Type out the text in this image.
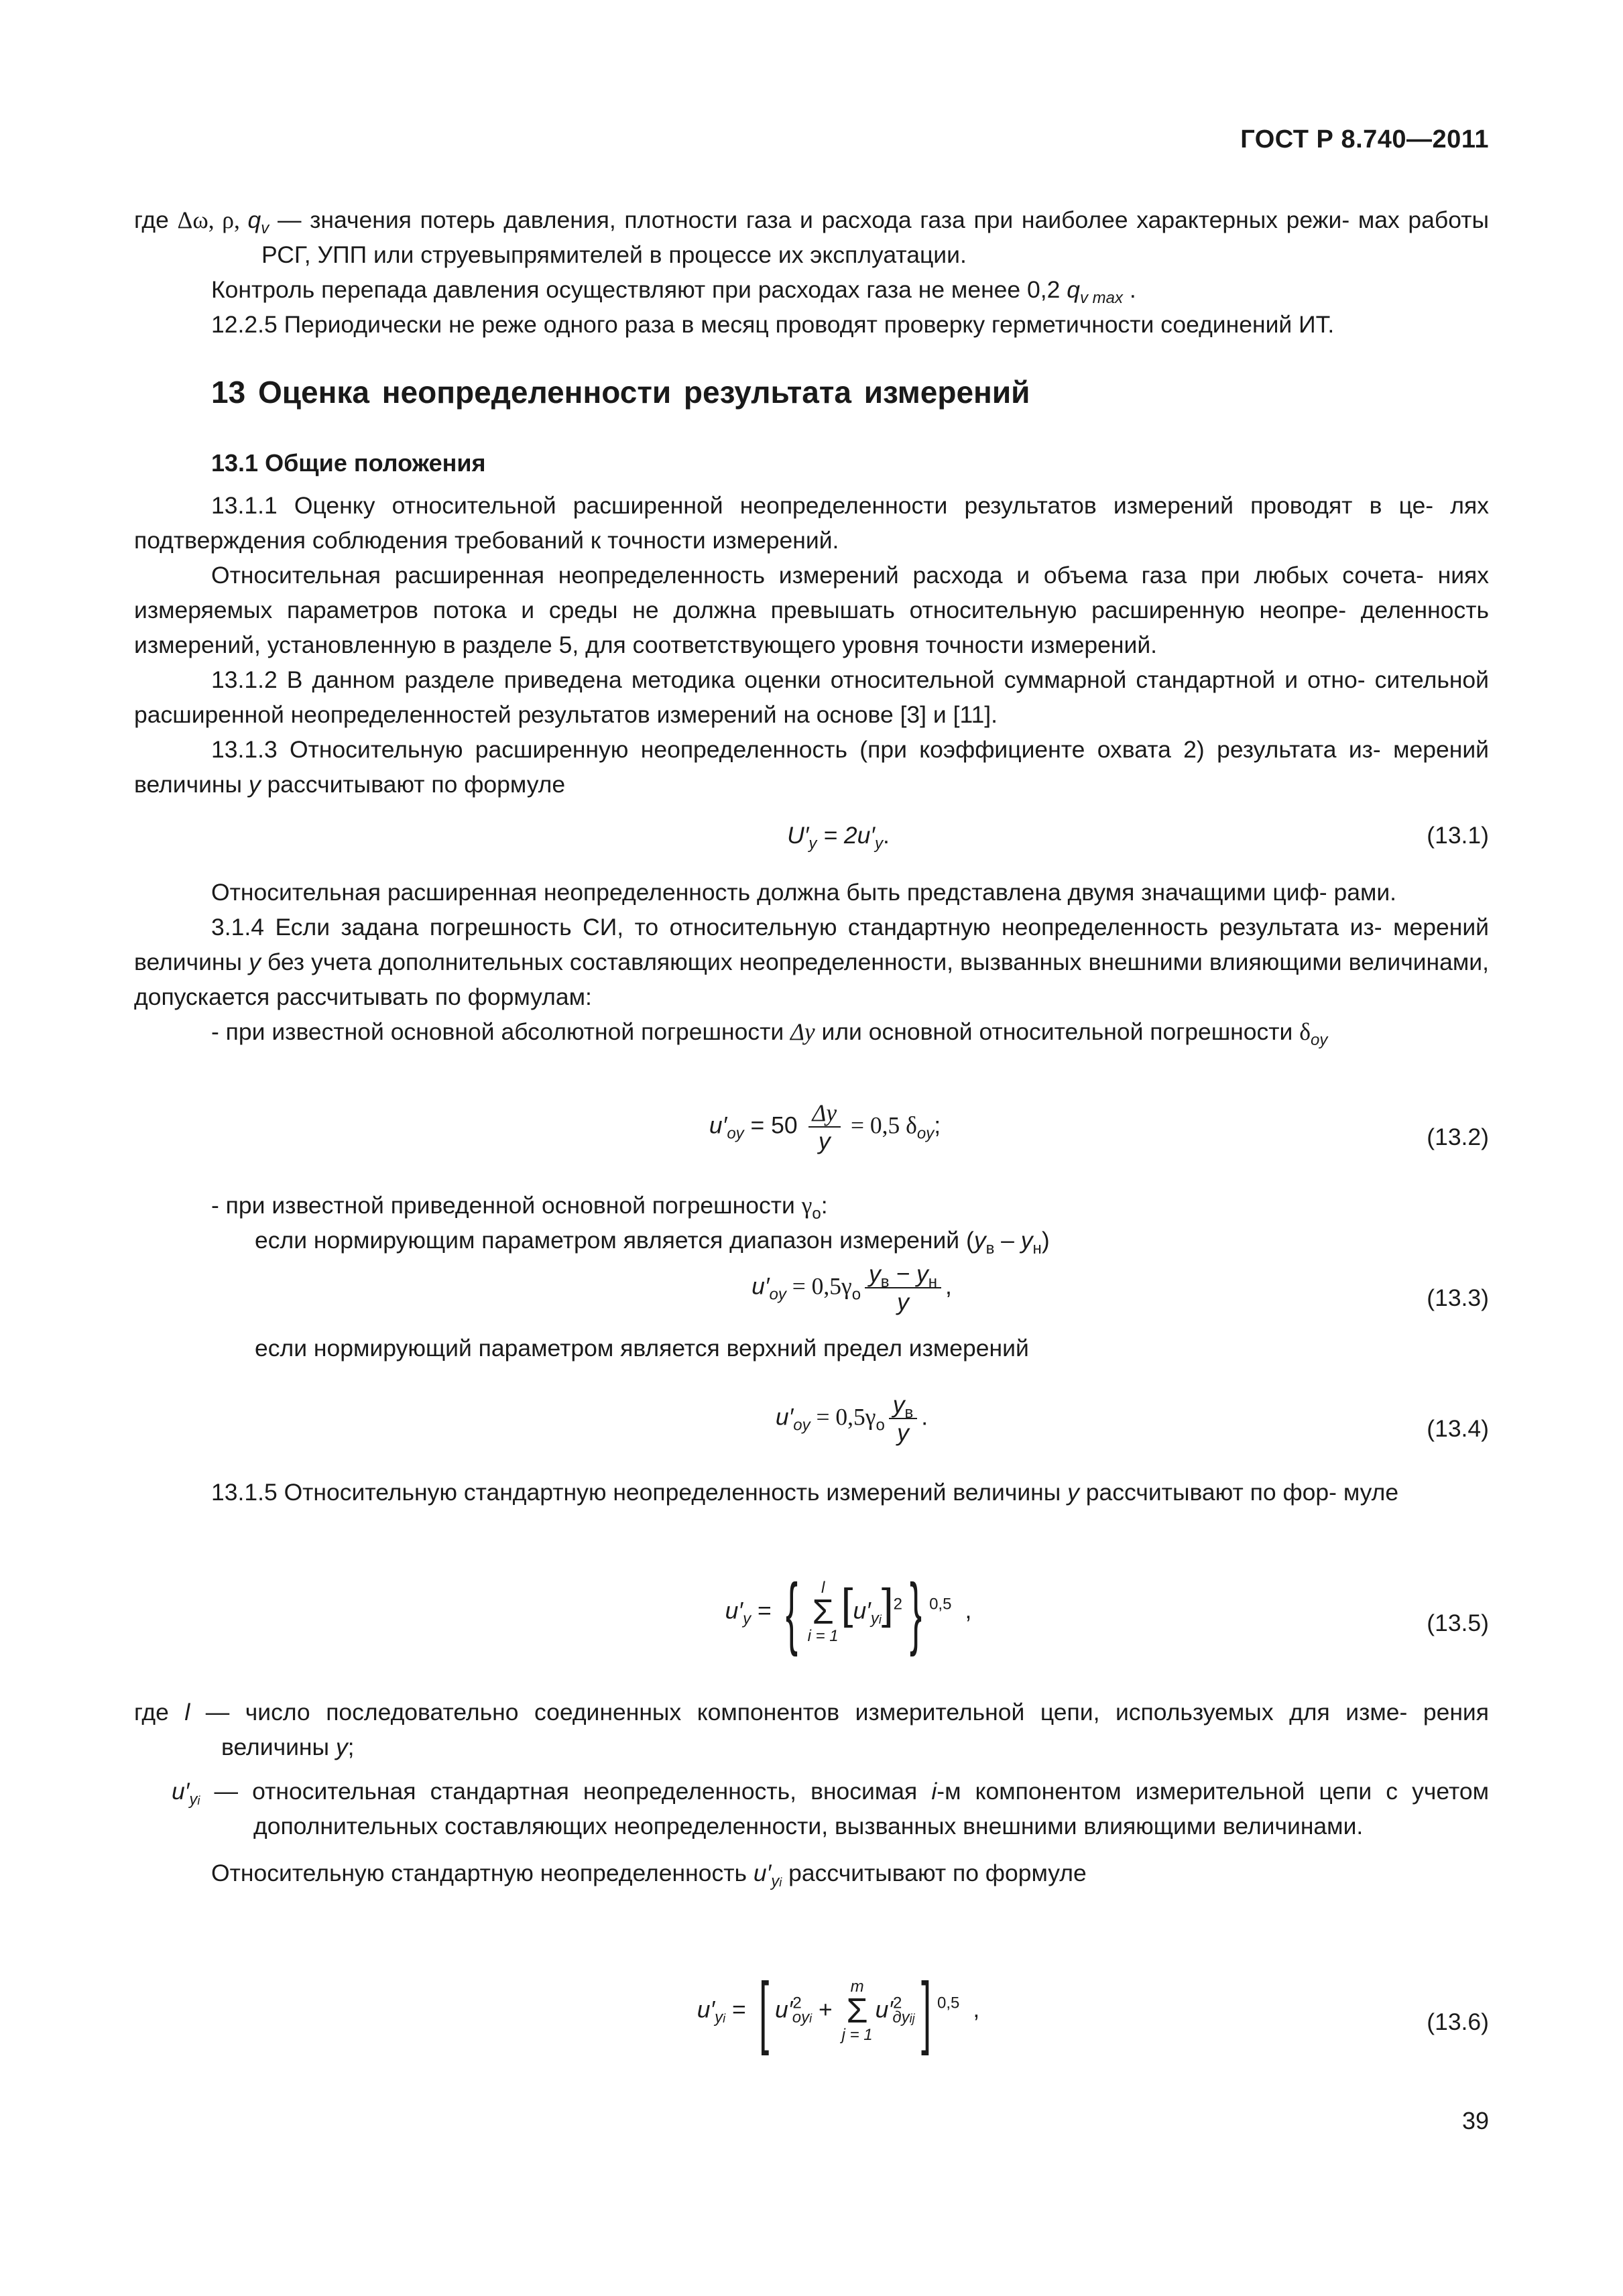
ГОСТ Р 8.740—2011

где Δω, ρ, $q_v$ — значения потерь давления, плотности газа и расхода газа при наиболее характерных режи- мах работы РСГ, УПП или струевыпрямителей в процессе их эксплуатации.

Контроль перепада давления осуществляют при расходах газа не менее 0,2 $q_{v max}$ .

12.2.5 Периодически не реже одного раза в месяц проводят проверку герметичности соединений ИТ.

13 Оценка неопределенности результата измерений
13.1 Общие положения

13.1.1 Оценку относительной расширенной неопределенности результатов измерений проводят в це- лях подтверждения соблюдения требований к точности измерений.

Относительная расширенная неопределенность измерений расхода и объема газа при любых сочета- ниях измеряемых параметров потока и среды не должна превышать относительную расширенную неопре- деленность измерений, установленную в разделе 5, для соответствующего уровня точности измерений.

13.1.2 В данном разделе приведена методика оценки относительной суммарной стандартной и отно- сительной расширенной неопределенностей результатов измерений на основе [3] и [11].

13.1.3 Относительную расширенную неопределенность (при коэффициенте охвата 2) результата из- мерений величины y рассчитывают по формуле

$U'_y = 2u'_y$.	(13.1)

Относительная расширенная неопределенность должна быть представлена двумя значащими циф- рами.

3.1.4 Если задана погрешность СИ, то относительную стандартную неопределенность результата из- мерений величины y без учета дополнительных составляющих неопределенности, вызванных внешними влияющими величинами, допускается рассчитывать по формулам:

- при известной основной абсолютной погрешности Δy или основной относительной погрешности $\delta_{oy}$

$u'_{oy} = 50 \frac{\Delta y}{y} = 0,5$ $\delta_{oy}$;	(13.2)

- при известной приведенной основной погрешности $\gamma_o$:

если нормирующим параметром является диапазон измерений $(y_в - y_н)$

$u'_{oy} = 0,5\gamma_o \frac{y_в - y_н}{y}$ ,	(13.3)
если нормирующий параметром является верхний предел измерений
$u'_{oy} = 0,5\gamma_o \frac{y_в}{y}$ .	(13.4)

13.1.5 Относительную стандартную неопределенность измерений величины y рассчитывают по фор- муле

$u'_y$ = {	l
Σ
i = 1
$[u'_{yi}]^2$} $^{0,5}$ ,	(13.5)

где l — число последовательно соединенных компонентов измерительной цепи, используемых для изме- рения величины y;

$u'_{yi}$ — относительная стандартная неопределенность, вносимая i-м компонентом измерительной цепи с учетом дополнительных составляющих неопределенности, вызванных внешними влияющими величинами.

Относительную стандартную неопределенность $u'_{yi}$ рассчитывают по формуле

$u'_{yi}$ = [ $u'^2_{oyi}$ +
m
Σ
j = 1
$u'^2_{дyij}$] $^{0,5}$ ,	(13.6)
39
